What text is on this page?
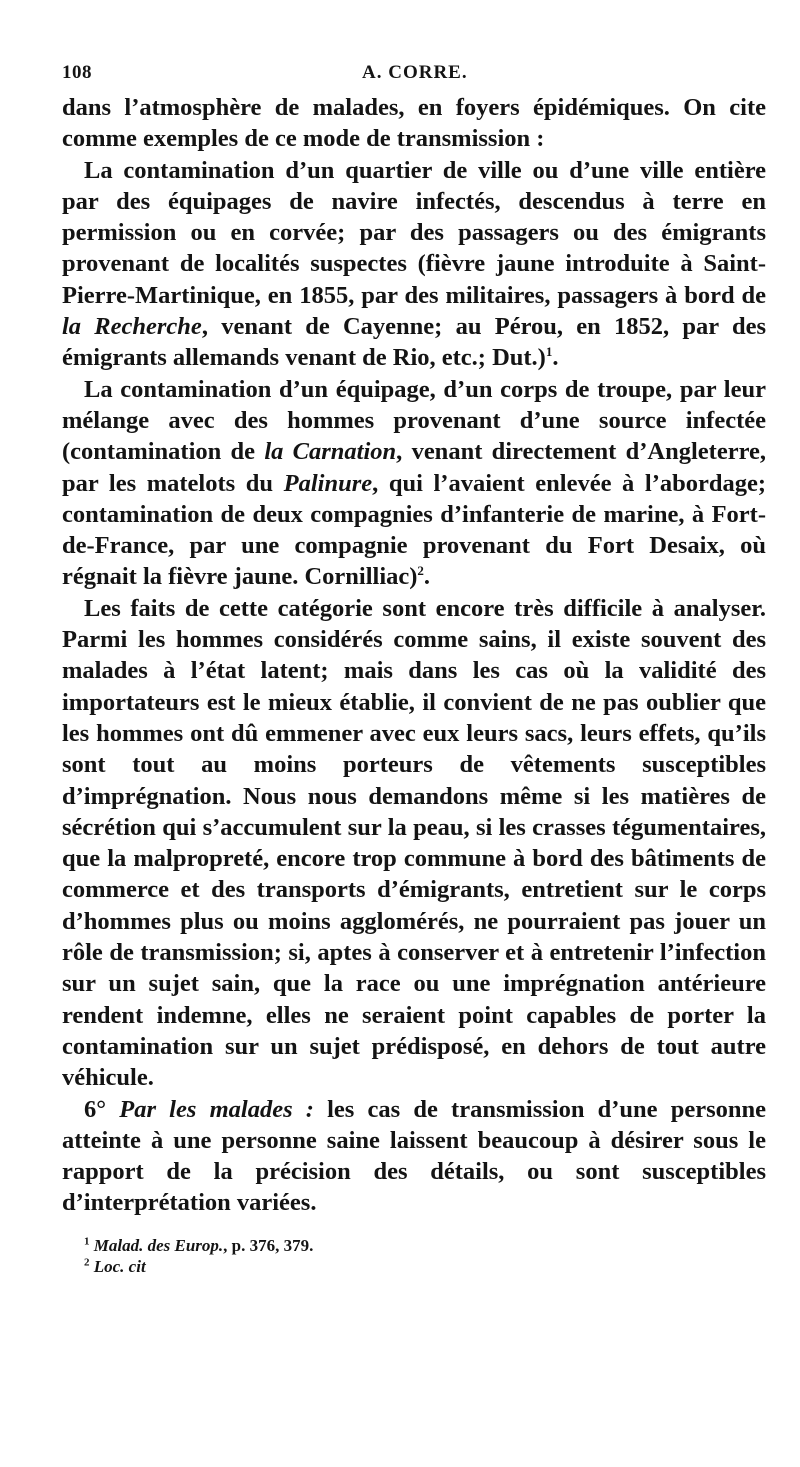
108	A. CORRE.

dans l’atmosphère de malades, en foyers épidémiques. On cite comme exemples de ce mode de transmission :

La contamination d’un quartier de ville ou d’une ville entière par des équipages de navire infectés, descendus à terre en permission ou en corvée; par des passagers ou des émigrants provenant de localités suspectes (fièvre jaune introduite à Saint-Pierre-Martinique, en 1855, par des militaires, passagers à bord de la Recherche, venant de Cayenne; au Pérou, en 1852, par des émigrants allemands venant de Rio, etc.; Dut.)$^1$.

La contamination d’un équipage, d’un corps de troupe, par leur mélange avec des hommes provenant d’une source infectée (contamination de la Carnation, venant directement d’Angleterre, par les matelots du Palinure, qui l’avaient enlevée à l’abordage; contamination de deux compagnies d’infanterie de marine, à Fort-de-France, par une compagnie provenant du Fort Desaix, où régnait la fièvre jaune. Cornilliac)$^2$.

Les faits de cette catégorie sont encore très difficile à analyser. Parmi les hommes considérés comme sains, il existe souvent des malades à l’état latent; mais dans les cas où la validité des importateurs est le mieux établie, il convient de ne pas oublier que les hommes ont dû emmener avec eux leurs sacs, leurs effets, qu’ils sont tout au moins porteurs de vêtements susceptibles d’imprégnation. Nous nous demandons même si les matières de sécrétion qui s’accumulent sur la peau, si les crasses tégumentaires, que la malpropreté, encore trop commune à bord des bâtiments de commerce et des transports d’émigrants, entretient sur le corps d’hommes plus ou moins agglomérés, ne pourraient pas jouer un rôle de transmission; si, aptes à conserver et à entretenir l’infection sur un sujet sain, que la race ou une imprégnation antérieure rendent indemne, elles ne seraient point capables de porter la contamination sur un sujet prédisposé, en dehors de tout autre véhicule.

6° Par les malades : les cas de transmission d’une personne atteinte à une personne saine laissent beaucoup à désirer sous le rapport de la précision des détails, ou sont susceptibles d’interprétation variées.

$^1$ Malad. des Europ., p. 376, 379.

$^2$ Loc. cit
